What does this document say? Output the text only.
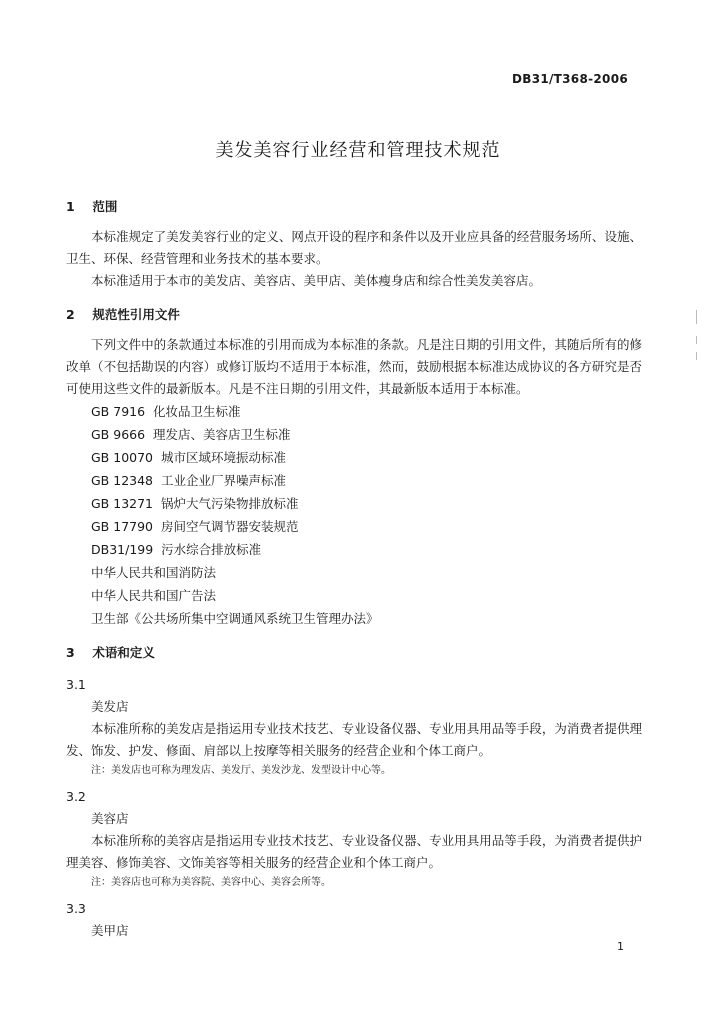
DB31/T368-2006
美发美容行业经营和管理技术规范
1 范围

本标准规定了美发美容行业的定义、网点开设的程序和条件以及开业应具备的经营服务场所、设施、卫生、环保、经营管理和业务技术的基本要求。

本标准适用于本市的美发店、美容店、美甲店、美体瘦身店和综合性美发美容店。

2 规范性引用文件

下列文件中的条款通过本标准的引用而成为本标准的条款。凡是注日期的引用文件，其随后所有的修改单（不包括勘误的内容）或修订版均不适用于本标准，然而，鼓励根据本标准达成协议的各方研究是否可使用这些文件的最新版本。凡是不注日期的引用文件，其最新版本适用于本标准。

GB 7916 化妆品卫生标准
GB 9666 理发店、美容店卫生标准
GB 10070 城市区域环境振动标准
GB 12348 工业企业厂界噪声标准
GB 13271 锅炉大气污染物排放标准
GB 17790 房间空气调节器安装规范
DB31/199 污水综合排放标准
中华人民共和国消防法
中华人民共和国广告法
卫生部《公共场所集中空调通风系统卫生管理办法》
3 术语和定义
3.1
美发店

本标准所称的美发店是指运用专业技术技艺、专业设备仪器、专业用具用品等手段，为消费者提供理发、饰发、护发、修面、肩部以上按摩等相关服务的经营企业和个体工商户。

注：美发店也可称为理发店、美发厅、美发沙龙、发型设计中心等。
3.2
美容店

本标准所称的美容店是指运用专业技术技艺、专业设备仪器、专业用具用品等手段，为消费者提供护理美容、修饰美容、文饰美容等相关服务的经营企业和个体工商户。

注：美容店也可称为美容院、美容中心、美容会所等。
3.3
美甲店
1
